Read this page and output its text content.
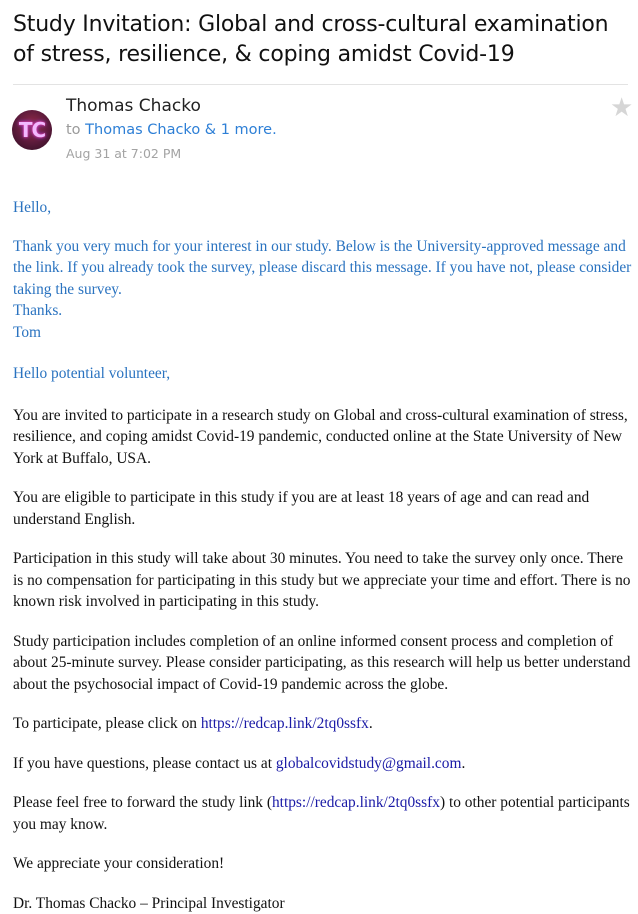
Study Invitation: Global and cross-cultural examination of stress, resilience, & coping amidst Covid-19
TC
Thomas Chacko
to Thomas Chacko & 1 more.
Aug 31 at 7:02 PM
★

Hello,

Thank you very much for your interest in our study. Below is the University-approved message and the link. If you already took the survey, please discard this message. If you have not, please consider taking the survey.

Thanks.

Tom

Hello potential volunteer,

You are invited to participate in a research study on Global and cross-cultural examination of stress, resilience, and coping amidst Covid-19 pandemic, conducted online at the State University of New York at Buffalo, USA.

You are eligible to participate in this study if you are at least 18 years of age and can read and understand English.

Participation in this study will take about 30 minutes. You need to take the survey only once. There is no compensation for participating in this study but we appreciate your time and effort. There is no known risk involved in participating in this study.

Study participation includes completion of an online informed consent process and completion of about 25-minute survey. Please consider participating, as this research will help us better understand about the psychosocial impact of Covid-19 pandemic across the globe.

To participate, please click on https://redcap.link/2tq0ssfx.

If you have questions, please contact us at globalcovidstudy@gmail.com.

Please feel free to forward the study link (https://redcap.link/2tq0ssfx) to other potential participants you may know.

We appreciate your consideration!

Dr. Thomas Chacko – Principal Investigator
